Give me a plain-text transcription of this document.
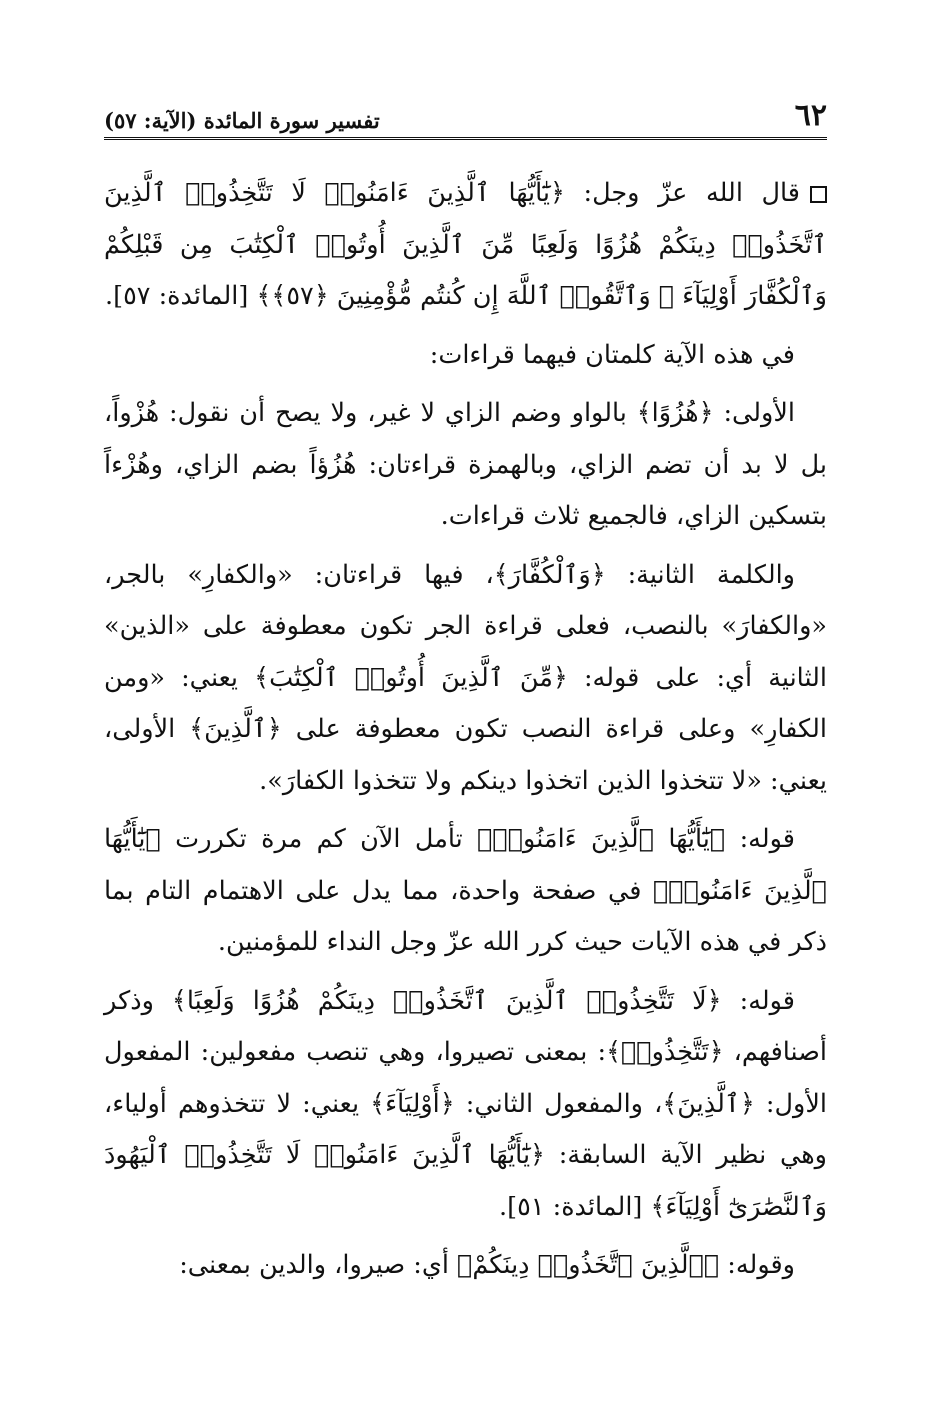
٦٢
تفسير سورة المائدة (الآية: ٥٧)

قال الله عزّ وجل: ﴿يَٰٓأَيُّهَا ٱلَّذِينَ ءَامَنُوا۟ لَا تَتَّخِذُوا۟ ٱلَّذِينَ ٱتَّخَذُوا۟ دِينَكُمْ هُزُوًا وَلَعِبًا مِّنَ ٱلَّذِينَ أُوتُوا۟ ٱلْكِتَٰبَ مِن قَبْلِكُمْ وَٱلْكُفَّارَ أَوْلِيَآءَ ۚ وَٱتَّقُوا۟ ٱللَّهَ إِن كُنتُم مُّؤْمِنِينَ ﴿٥٧﴾﴾ [المائدة: ٥٧].

في هذه الآية كلمتان فيهما قراءات:

الأولى: ﴿هُزُوًا﴾ بالواو وضم الزاي لا غير، ولا يصح أن نقول: هُزْواً، بل لا بد أن تضم الزاي، وبالهمزة قراءتان: هُزُؤاً بضم الزاي، وهُزْءاً بتسكين الزاي، فالجميع ثلاث قراءات.

والكلمة الثانية: ﴿وَٱلْكُفَّارَ﴾، فيها قراءتان: «والكفارِ» بالجر، «والكفارَ» بالنصب، فعلى قراءة الجر تكون معطوفة على «الذين» الثانية أي: على قوله: ﴿مِّنَ ٱلَّذِينَ أُوتُوا۟ ٱلْكِتَٰبَ﴾ يعني: «ومن الكفارِ» وعلى قراءة النصب تكون معطوفة على ﴿ٱلَّذِينَ﴾ الأولى، يعني: «لا تتخذوا الذين اتخذوا دينكم ولا تتخذوا الكفارَ».

قوله: ﴿يَٰٓأَيُّهَا ٱلَّذِينَ ءَامَنُوا۟﴾ تأمل الآن كم مرة تكررت ﴿يَٰٓأَيُّهَا ٱلَّذِينَ ءَامَنُوا۟﴾ في صفحة واحدة، مما يدل على الاهتمام التام بما ذكر في هذه الآيات حيث كرر الله عزّ وجل النداء للمؤمنين.

قوله: ﴿لَا تَتَّخِذُوا۟ ٱلَّذِينَ ٱتَّخَذُوا۟ دِينَكُمْ هُزُوًا وَلَعِبًا﴾ وذكر أصنافهم، ﴿تَتَّخِذُوا۟﴾: بمعنى تصيروا، وهي تنصب مفعولين: المفعول الأول: ﴿ٱلَّذِينَ﴾، والمفعول الثاني: ﴿أَوْلِيَآءَ﴾ يعني: لا تتخذوهم أولياء، وهي نظير الآية السابقة: ﴿يَٰٓأَيُّهَا ٱلَّذِينَ ءَامَنُوا۟ لَا تَتَّخِذُوا۟ ٱلْيَهُودَ وَٱلنَّصَٰرَىٰٓ أَوْلِيَآءَ﴾ [المائدة: ٥١].

وقوله: ﴿ٱلَّذِينَ ٱتَّخَذُوا۟ دِينَكُمْ﴾ أي: صيروا، والدين بمعنى:
